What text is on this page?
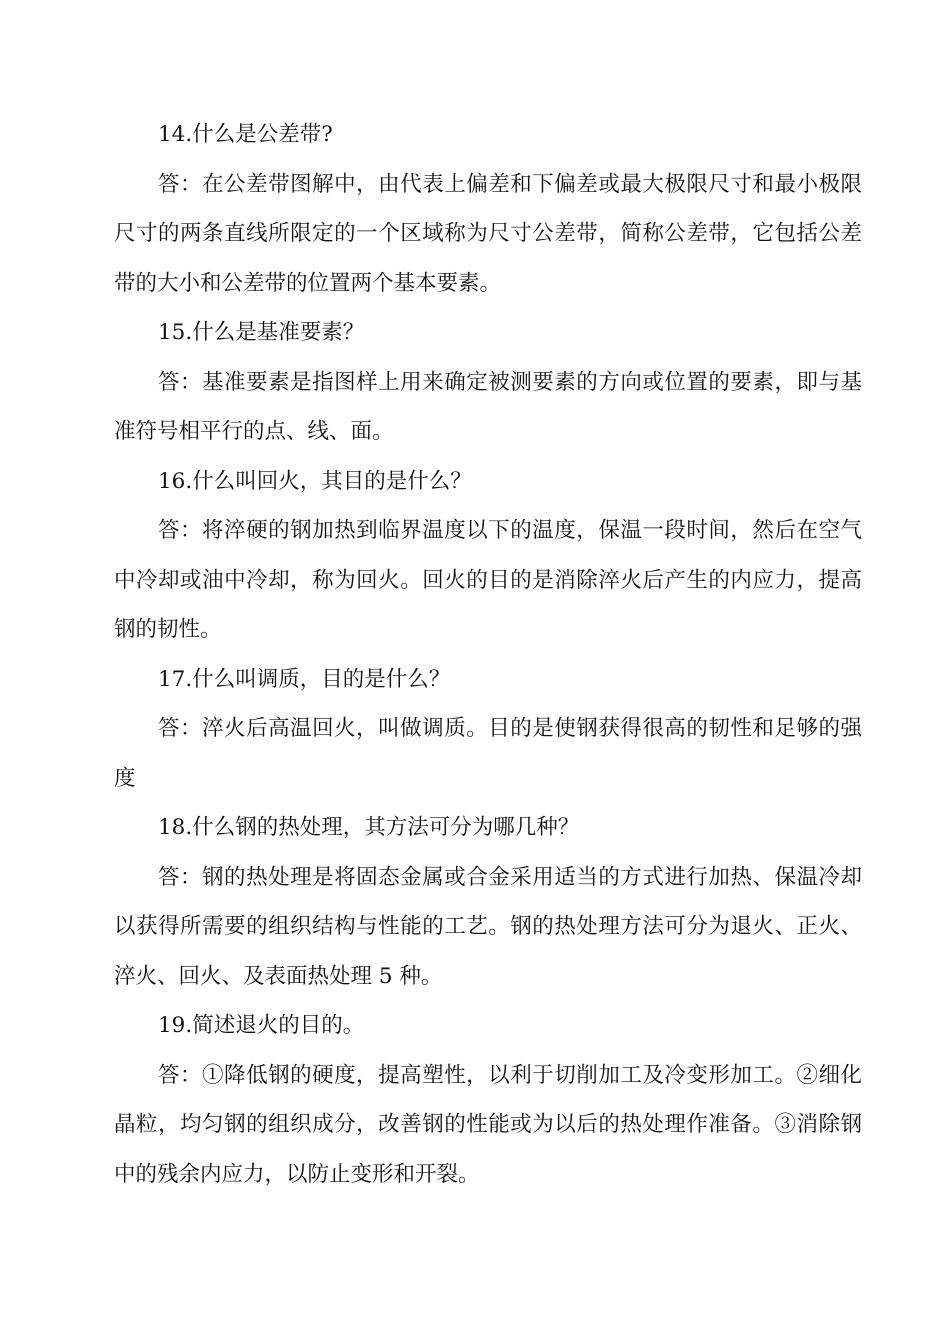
14.什么是公差带?

答：在公差带图解中，由代表上偏差和下偏差或最大极限尺寸和最小极限尺寸的两条直线所限定的一个区域称为尺寸公差带，简称公差带，它包括公差带的大小和公差带的位置两个基本要素。

15.什么是基准要素？

答：基准要素是指图样上用来确定被测要素的方向或位置的要素，即与基准符号相平行的点、线、面。

16.什么叫回火，其目的是什么？

答：将淬硬的钢加热到临界温度以下的温度，保温一段时间，然后在空气中冷却或油中冷却，称为回火。回火的目的是消除淬火后产生的内应力，提高钢的韧性。

17.什么叫调质，目的是什么？

答：淬火后高温回火，叫做调质。目的是使钢获得很高的韧性和足够的强度

18.什么钢的热处理，其方法可分为哪几种？

答：钢的热处理是将固态金属或合金采用适当的方式进行加热、保温冷却以获得所需要的组织结构与性能的工艺。钢的热处理方法可分为退火、正火、淬火、回火、及表面热处理 5 种。

19.简述退火的目的。

答：①降低钢的硬度，提高塑性，以利于切削加工及冷变形加工。②细化晶粒，均匀钢的组织成分，改善钢的性能或为以后的热处理作准备。③消除钢中的残余内应力，以防止变形和开裂。
